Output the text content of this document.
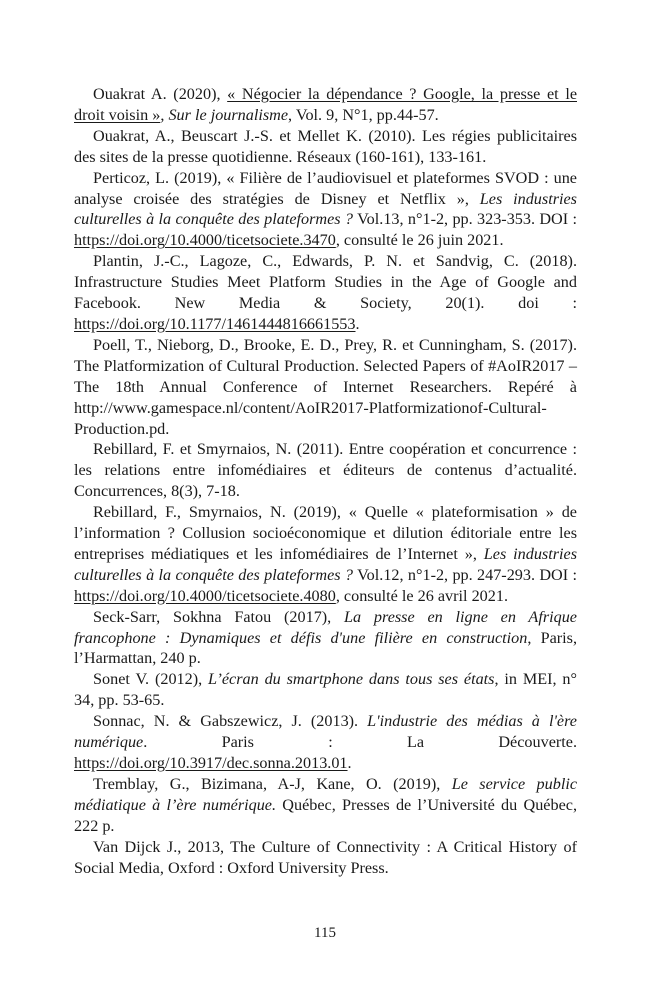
Ouakrat A. (2020), « Négocier la dépendance ? Google, la presse et le droit voisin », Sur le journalisme, Vol. 9, N°1, pp.44-57.

Ouakrat, A., Beuscart J.-S. et Mellet K. (2010). Les régies publicitaires des sites de la presse quotidienne. Réseaux (160-161), 133-161.

Perticoz, L. (2019), « Filière de l’audiovisuel et plateformes SVOD : une analyse croisée des stratégies de Disney et Netflix », Les industries culturelles à la conquête des plateformes ? Vol.13, n°1-2, pp. 323-353. DOI : https://doi.org/10.4000/ticetsociete.3470, consulté le 26 juin 2021.

Plantin, J.-C., Lagoze, C., Edwards, P. N. et Sandvig, C. (2018). Infrastructure Studies Meet Platform Studies in the Age of Google and Facebook. New Media & Society, 20(1). doi : https://doi.org/10.1177/1461444816661553.

Poell, T., Nieborg, D., Brooke, E. D., Prey, R. et Cunningham, S. (2017). The Platformization of Cultural Production. Selected Papers of #AoIR2017 – The 18th Annual Conference of Internet Researchers. Repéré à http://www.gamespace.nl/content/AoIR2017-Platformizationof-Cultural-Production.pd.

Rebillard, F. et Smyrnaios, N. (2011). Entre coopération et concurrence : les relations entre infomédiaires et éditeurs de contenus d’actualité. Concurrences, 8(3), 7-18.

Rebillard, F., Smyrnaios, N. (2019), « Quelle « plateformisation » de l’information ? Collusion socioéconomique et dilution éditoriale entre les entreprises médiatiques et les infomédiaires de l’Internet », Les industries culturelles à la conquête des plateformes ? Vol.12, n°1-2, pp. 247-293. DOI : https://doi.org/10.4000/ticetsociete.4080, consulté le 26 avril 2021.

Seck-Sarr, Sokhna Fatou (2017), La presse en ligne en Afrique francophone : Dynamiques et défis d'une filière en construction, Paris, l’Harmattan, 240 p.

Sonet V. (2012), L’écran du smartphone dans tous ses états, in MEI, n° 34, pp. 53-65.

Sonnac, N. & Gabszewicz, J. (2013). L'industrie des médias à l'ère numérique. Paris : La Découverte. https://doi.org/10.3917/dec.sonna.2013.01.

Tremblay, G., Bizimana, A-J, Kane, O. (2019), Le service public médiatique à l’ère numérique. Québec, Presses de l’Université du Québec, 222 p.

Van Dijck J., 2013, The Culture of Connectivity : A Critical History of Social Media, Oxford : Oxford University Press.

115
